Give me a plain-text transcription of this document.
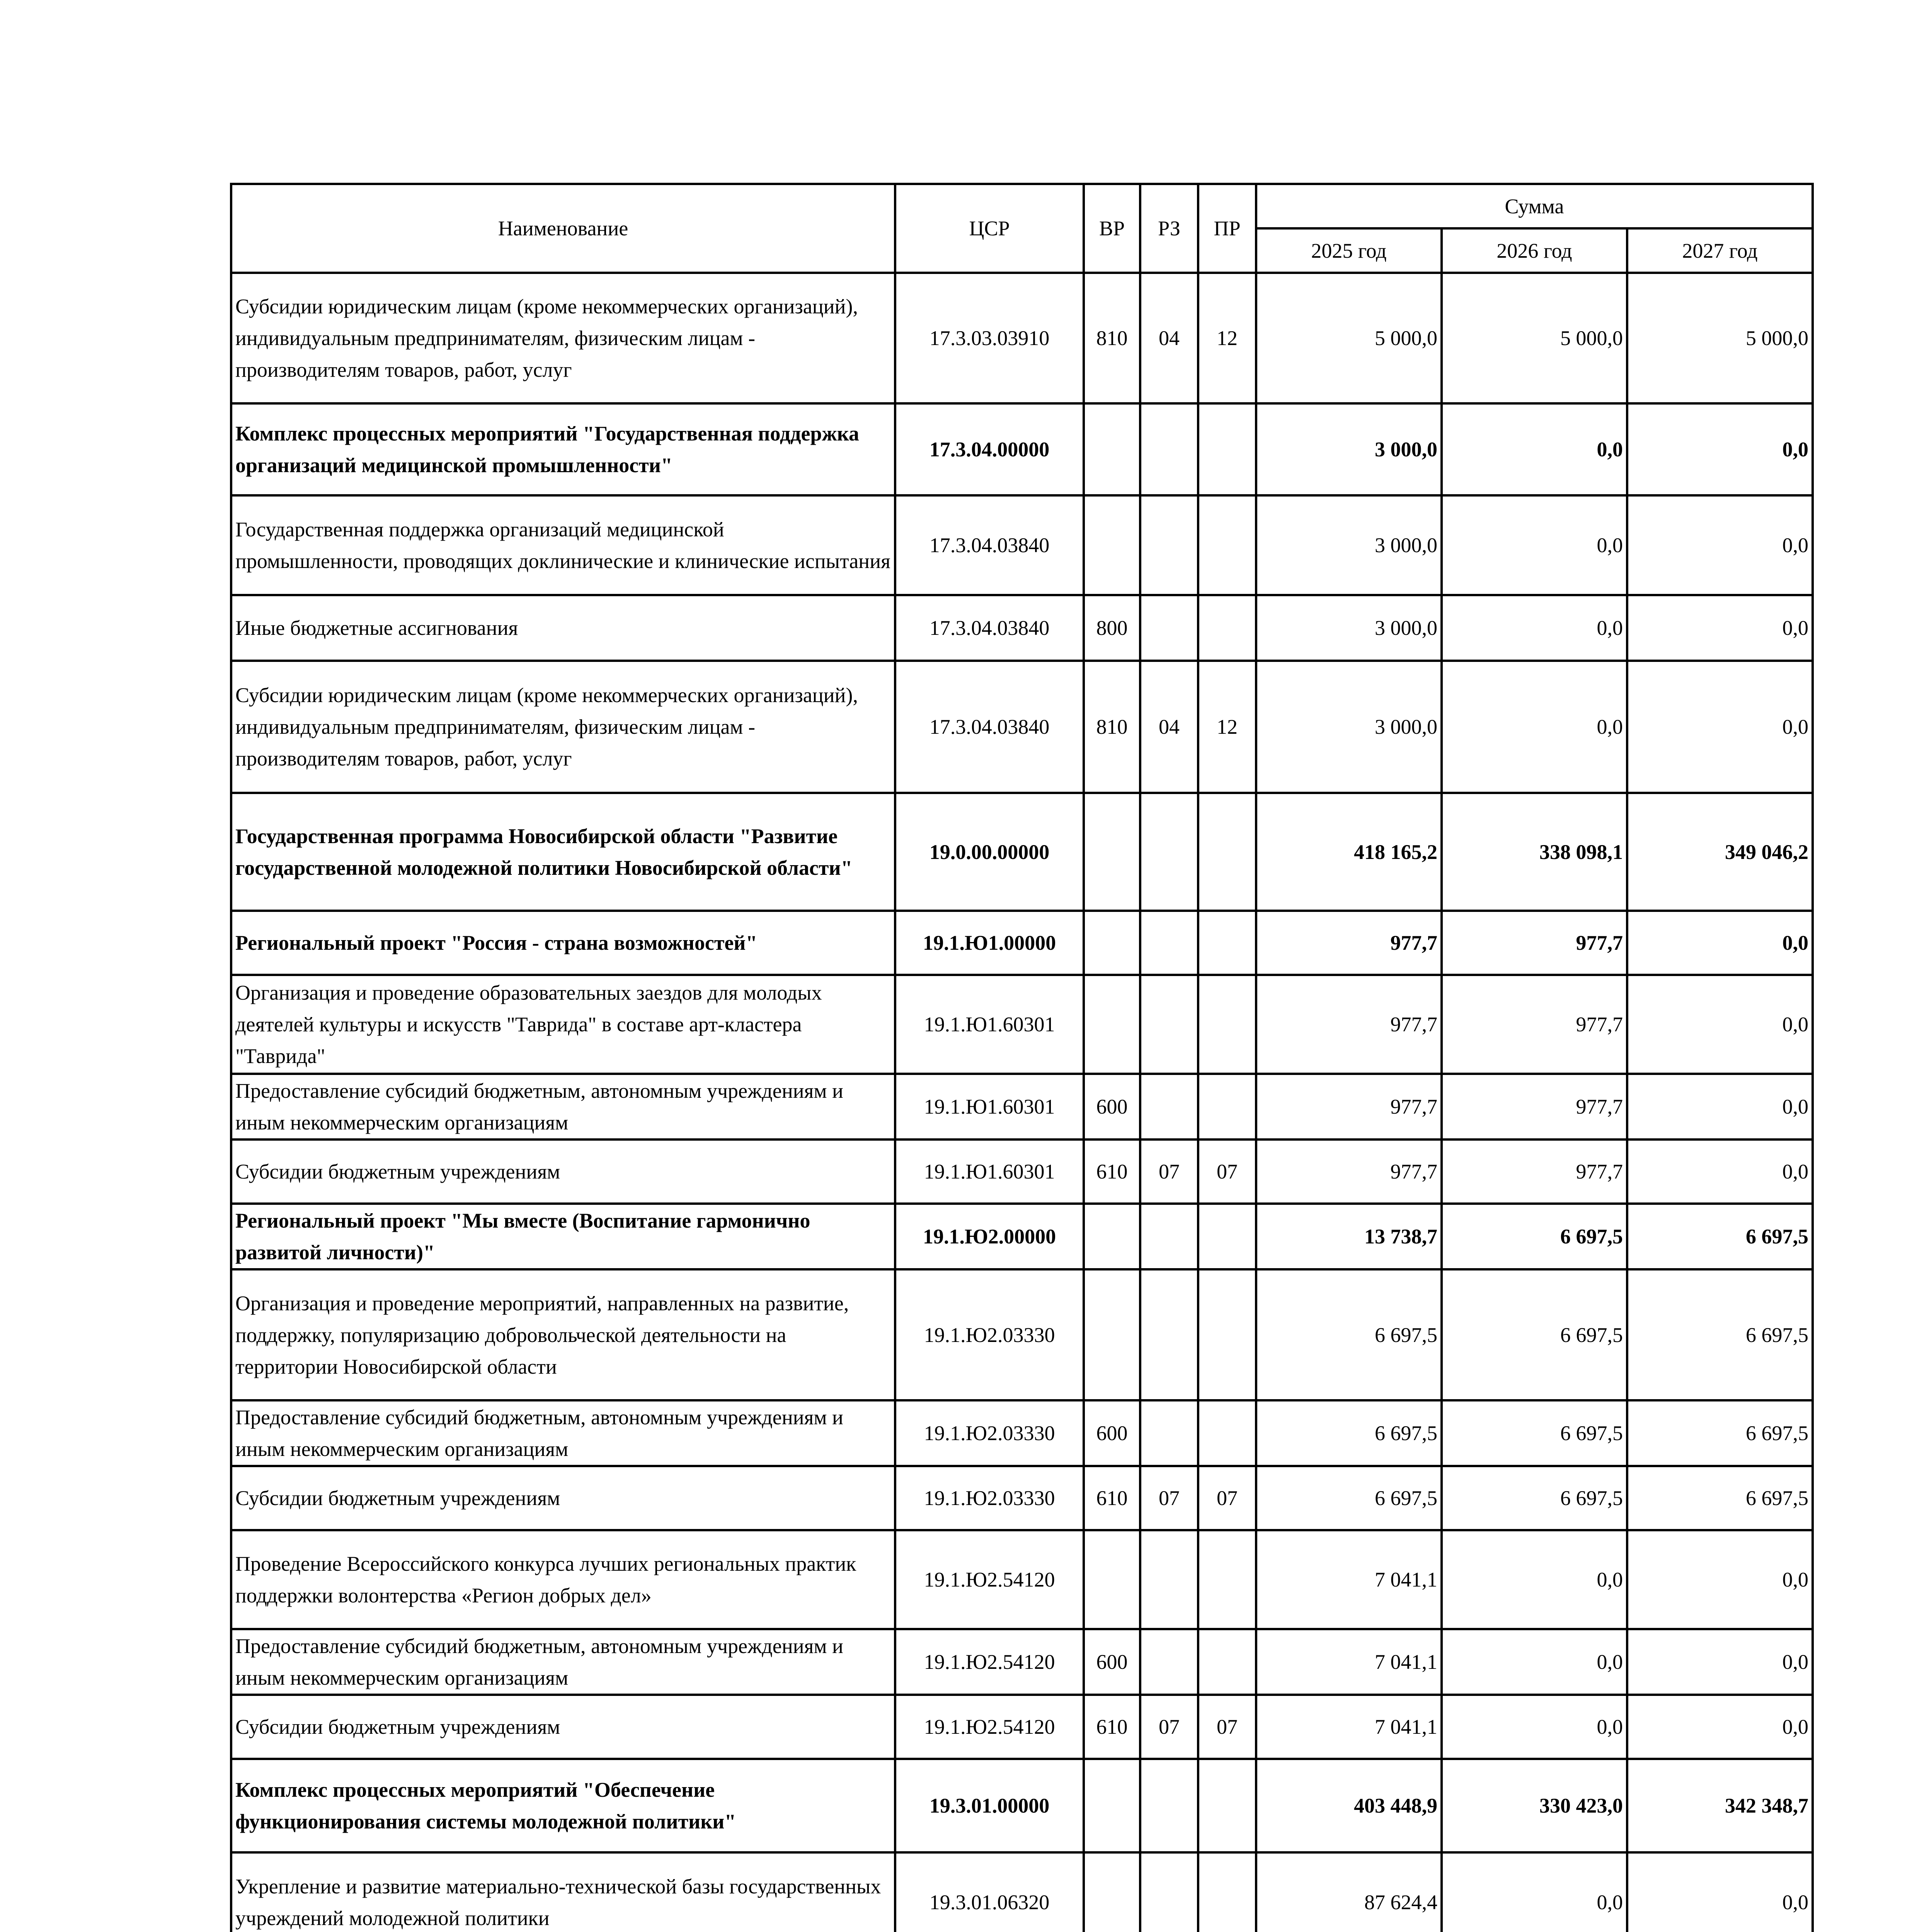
Наименование	ЦСР	ВР	РЗ	ПР	Сумма		
					2025 год	2026 год	2027 год
Субсидии юридическим лицам (кроме некоммерческих организаций), индивидуальным предпринимателям, физическим лицам - производителям товаров, работ, услуг	17.3.03.03910	810	04	12	5 000,0	5 000,0	5 000,0
Комплекс процессных мероприятий "Государственная поддержка организаций медицинской промышленности"	17.3.04.00000				3 000,0	0,0	0,0
Государственная поддержка организаций медицинской промышленности, проводящих доклинические и клинические испытания	17.3.04.03840				3 000,0	0,0	0,0
Иные бюджетные ассигнования	17.3.04.03840	800			3 000,0	0,0	0,0
Субсидии юридическим лицам (кроме некоммерческих организаций), индивидуальным предпринимателям, физическим лицам - производителям товаров, работ, услуг	17.3.04.03840	810	04	12	3 000,0	0,0	0,0
Государственная программа Новосибирской области "Развитие государственной молодежной политики Новосибирской области"	19.0.00.00000				418 165,2	338 098,1	349 046,2
Региональный проект "Россия - страна возможностей"	19.1.Ю1.00000				977,7	977,7	0,0
Организация и проведение образовательных заездов для молодых деятелей культуры и искусств "Таврида" в составе арт-кластера "Таврида"	19.1.Ю1.60301				977,7	977,7	0,0
Предоставление субсидий бюджетным, автономным учреждениям и иным некоммерческим организациям	19.1.Ю1.60301	600			977,7	977,7	0,0
Субсидии бюджетным учреждениям	19.1.Ю1.60301	610	07	07	977,7	977,7	0,0
Региональный проект "Мы вместе (Воспитание гармонично развитой личности)"	19.1.Ю2.00000				13 738,7	6 697,5	6 697,5
Организация и проведение мероприятий, направленных на развитие, поддержку, популяризацию добровольческой деятельности на территории Новосибирской области	19.1.Ю2.03330				6 697,5	6 697,5	6 697,5
Предоставление субсидий бюджетным, автономным учреждениям и иным некоммерческим организациям	19.1.Ю2.03330	600			6 697,5	6 697,5	6 697,5
Субсидии бюджетным учреждениям	19.1.Ю2.03330	610	07	07	6 697,5	6 697,5	6 697,5
Проведение Всероссийского конкурса лучших региональных практик поддержки волонтерства «Регион добрых дел»	19.1.Ю2.54120				7 041,1	0,0	0,0
Предоставление субсидий бюджетным, автономным учреждениям и иным некоммерческим организациям	19.1.Ю2.54120	600			7 041,1	0,0	0,0
Субсидии бюджетным учреждениям	19.1.Ю2.54120	610	07	07	7 041,1	0,0	0,0
Комплекс процессных мероприятий "Обеспечение функционирования системы молодежной политики"	19.3.01.00000				403 448,9	330 423,0	342 348,7
Укрепление и развитие материально-технической базы государственных учреждений молодежной политики	19.3.01.06320				87 624,4	0,0	0,0
